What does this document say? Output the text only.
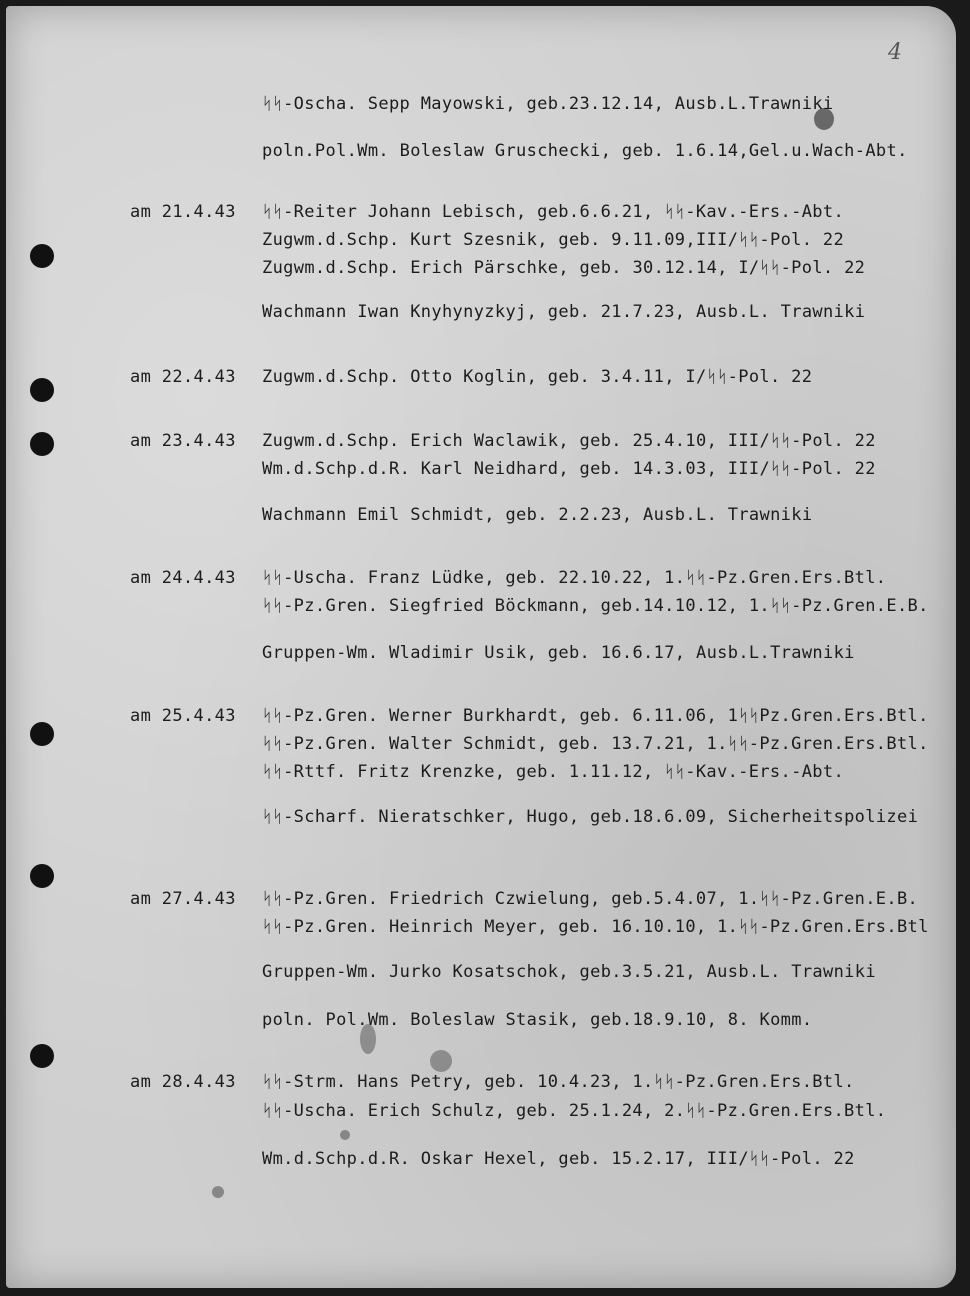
4
ᛋᛋ-Oscha. Sepp Mayowski, geb.23.12.14, Ausb.L.Trawniki
poln.Pol.Wm. Boleslaw Gruschecki, geb. 1.6.14,Gel.u.Wach-Abt.
am 21.4.43 ᛋᛋ-Reiter Johann Lebisch, geb.6.6.21, ᛋᛋ-Kav.-Ers.-Abt.
Zugwm.d.Schp. Kurt Szesnik, geb. 9.11.09,III/ᛋᛋ-Pol. 22
Zugwm.d.Schp. Erich Pärschke, geb. 30.12.14, I/ᛋᛋ-Pol. 22
Wachmann Iwan Knyhynyzkyj, geb. 21.7.23, Ausb.L. Trawniki
am 22.4.43 Zugwm.d.Schp. Otto Koglin, geb. 3.4.11, I/ᛋᛋ-Pol. 22
am 23.4.43 Zugwm.d.Schp. Erich Waclawik, geb. 25.4.10, III/ᛋᛋ-Pol. 22
Wm.d.Schp.d.R. Karl Neidhard, geb. 14.3.03, III/ᛋᛋ-Pol. 22
Wachmann Emil Schmidt, geb. 2.2.23, Ausb.L. Trawniki
am 24.4.43 ᛋᛋ-Uscha. Franz Lüdke, geb. 22.10.22, 1.ᛋᛋ-Pz.Gren.Ers.Btl.
ᛋᛋ-Pz.Gren. Siegfried Böckmann, geb.14.10.12, 1.ᛋᛋ-Pz.Gren.E.B.
Gruppen-Wm. Wladimir Usik, geb. 16.6.17, Ausb.L.Trawniki
am 25.4.43 ᛋᛋ-Pz.Gren. Werner Burkhardt, geb. 6.11.06, 1ᛋᛋPz.Gren.Ers.Btl.
ᛋᛋ-Pz.Gren. Walter Schmidt, geb. 13.7.21, 1.ᛋᛋ-Pz.Gren.Ers.Btl.
ᛋᛋ-Rttf. Fritz Krenzke, geb. 1.11.12, ᛋᛋ-Kav.-Ers.-Abt.
ᛋᛋ-Scharf. Nieratschker, Hugo, geb.18.6.09, Sicherheitspolizei
am 27.4.43 ᛋᛋ-Pz.Gren. Friedrich Czwielung, geb.5.4.07, 1.ᛋᛋ-Pz.Gren.E.B.
ᛋᛋ-Pz.Gren. Heinrich Meyer, geb. 16.10.10, 1.ᛋᛋ-Pz.Gren.Ers.Btl
Gruppen-Wm. Jurko Kosatschok, geb.3.5.21, Ausb.L. Trawniki
poln. Pol.Wm. Boleslaw Stasik, geb.18.9.10, 8. Komm.
am 28.4.43 ᛋᛋ-Strm. Hans Petry, geb. 10.4.23, 1.ᛋᛋ-Pz.Gren.Ers.Btl.
ᛋᛋ-Uscha. Erich Schulz, geb. 25.1.24, 2.ᛋᛋ-Pz.Gren.Ers.Btl.
Wm.d.Schp.d.R. Oskar Hexel, geb. 15.2.17, III/ᛋᛋ-Pol. 22
